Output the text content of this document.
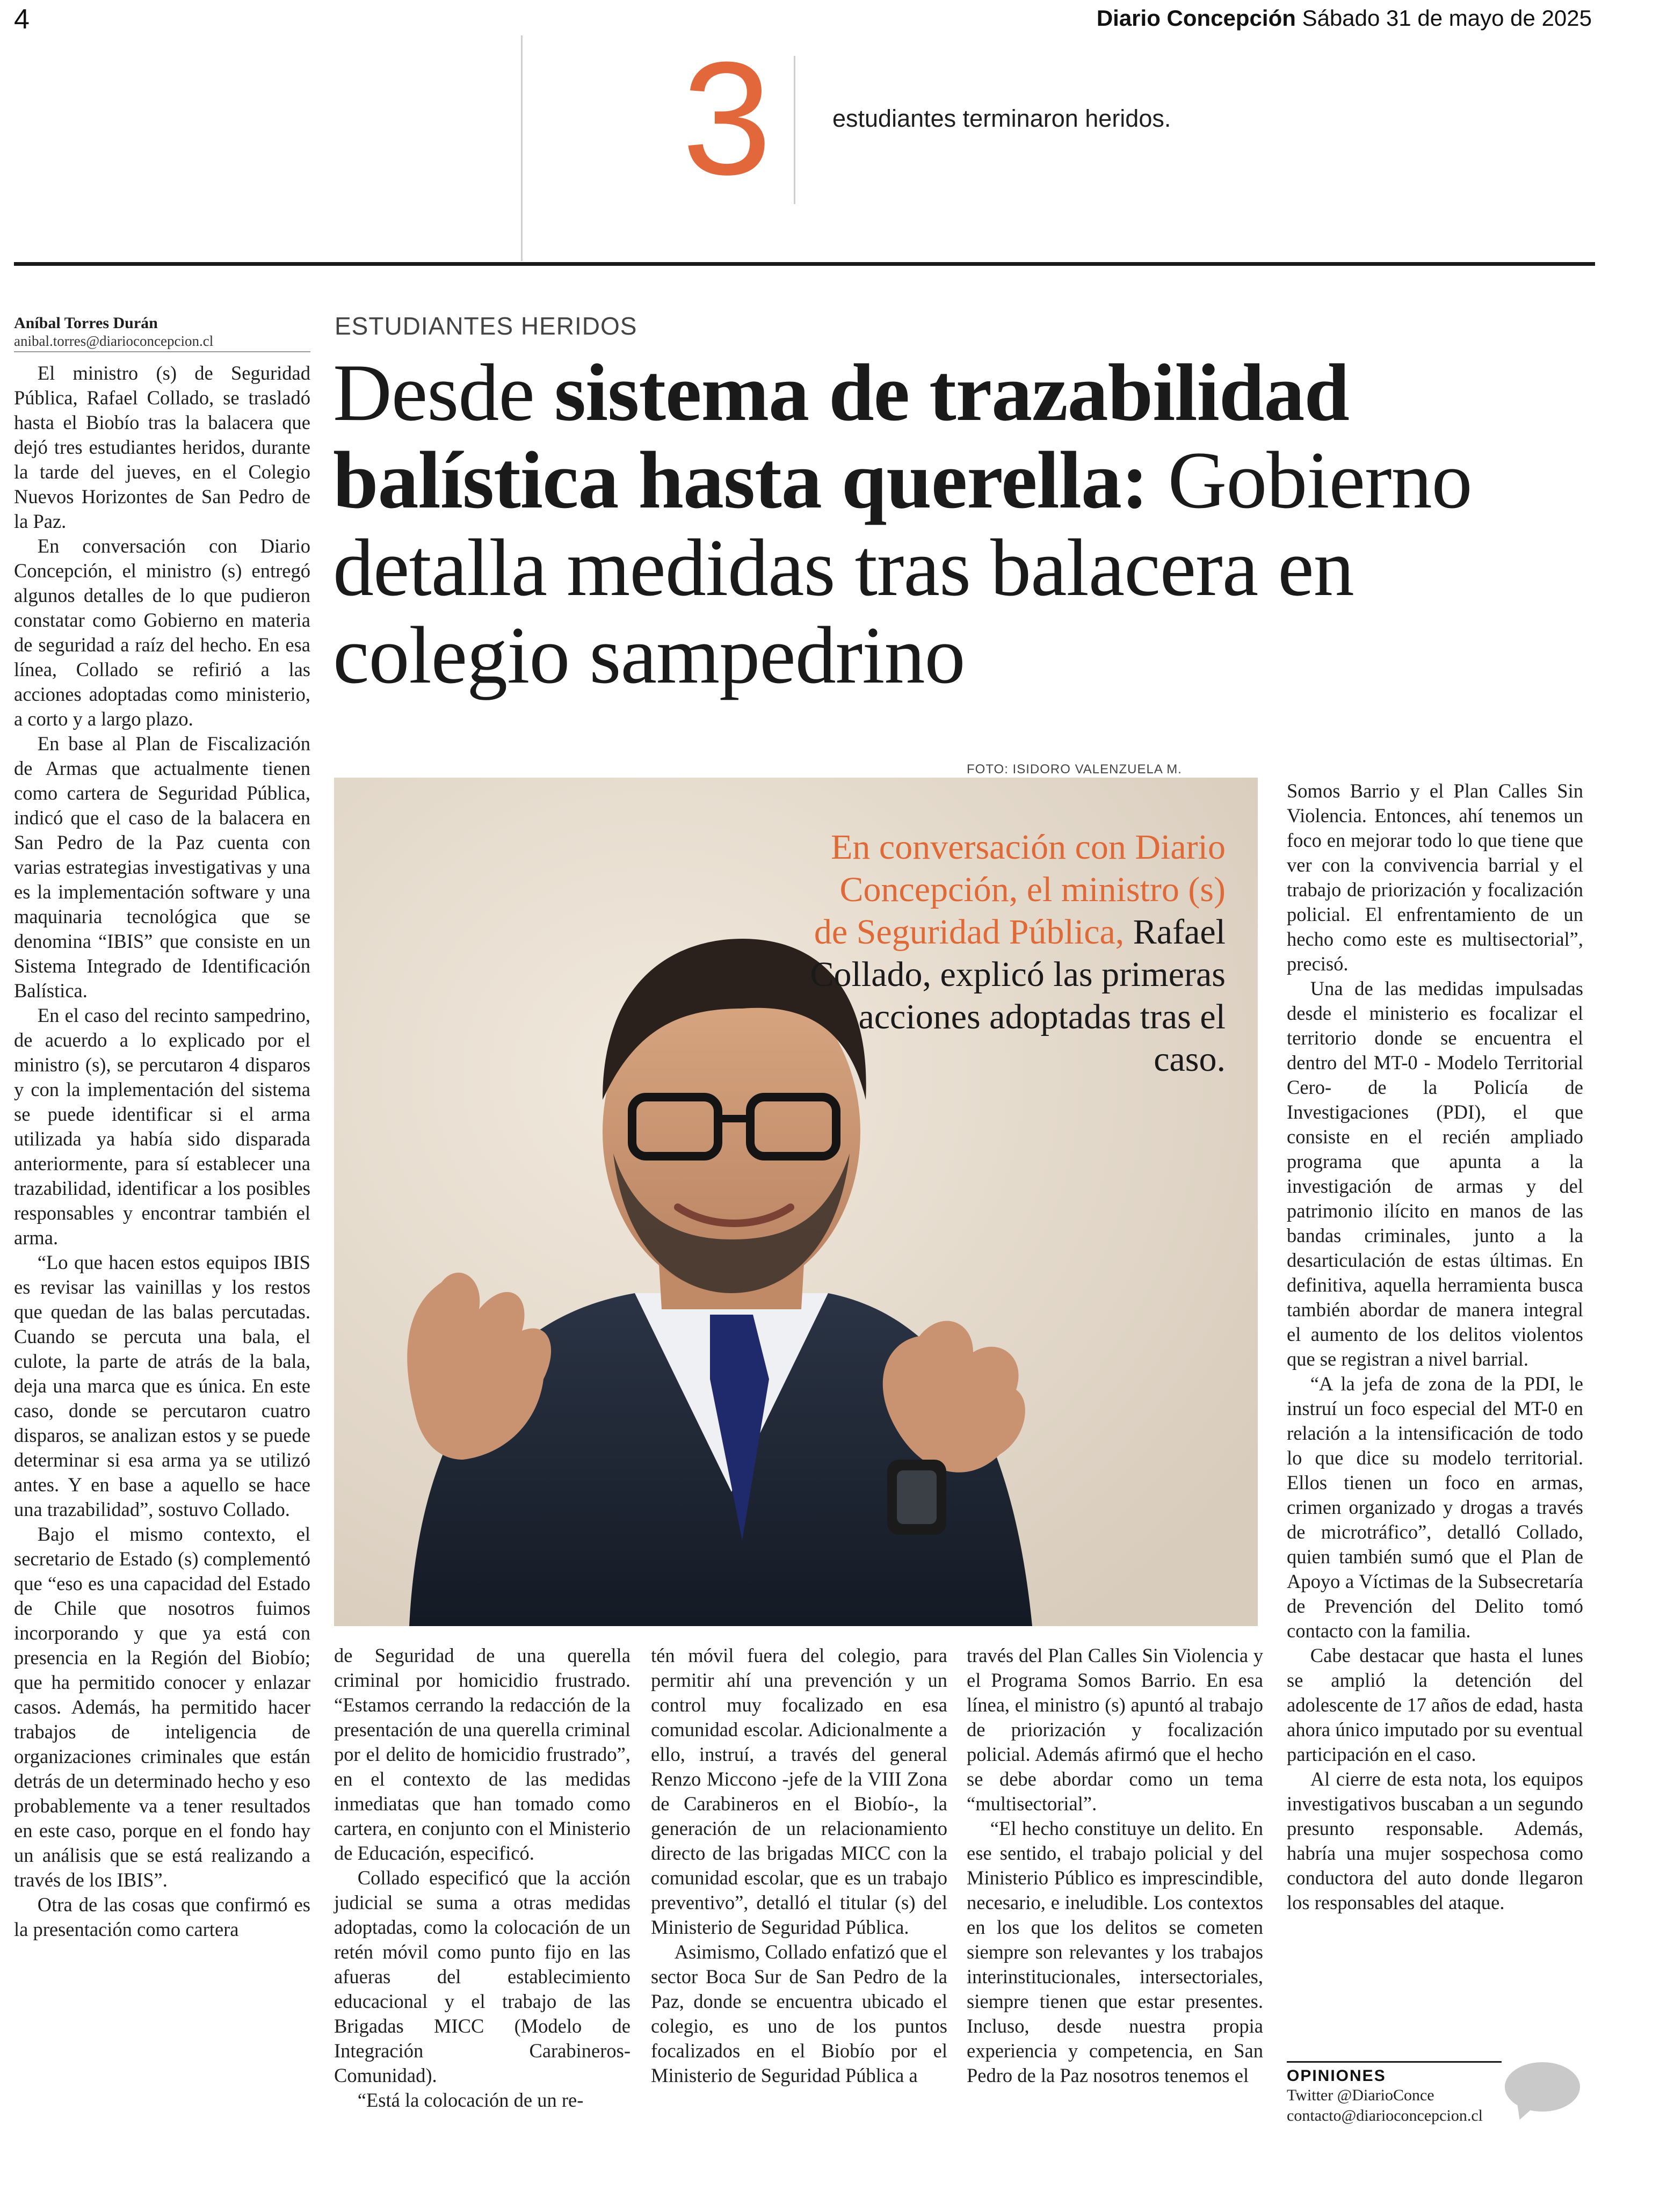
4	Diario Concepción Sábado 31 de mayo de 2025
3	estudiantes terminaron heridos.
Aníbal Torres Durán
anibal.torres@diarioconcepcion.cl
ESTUDIANTES HERIDOS
Desde sistema de trazabilidad balística hasta querella: Gobierno detalla medidas tras balacera en colegio sampedrino

El ministro (s) de Seguridad Pública, Rafael Collado, se trasladó hasta el Biobío tras la balacera que dejó tres estudiantes heridos, durante la tarde del jueves, en el Colegio Nuevos Horizontes de San Pedro de la Paz.

En conversación con Diario Concepción, el ministro (s) entregó algunos detalles de lo que pudieron constatar como Gobierno en materia de seguridad a raíz del hecho. En esa línea, Collado se refirió a las acciones adoptadas como ministerio, a corto y a largo plazo.

En base al Plan de Fiscalización de Armas que actualmente tienen como cartera de Seguridad Pública, indicó que el caso de la balacera en San Pedro de la Paz cuenta con varias estrategias investigativas y una es la implementación software y una maquinaria tecnológica que se denomina “IBIS” que consiste en un Sistema Integrado de Identificación Balística.

En el caso del recinto sampedrino, de acuerdo a lo explicado por el ministro (s), se percutaron 4 disparos y con la implementación del sistema se puede identificar si el arma utilizada ya había sido disparada anteriormente, para sí establecer una trazabilidad, identificar a los posibles responsables y encontrar también el arma.

“Lo que hacen estos equipos IBIS es revisar las vainillas y los restos que quedan de las balas percutadas. Cuando se percuta una bala, el culote, la parte de atrás de la bala, deja una marca que es única. En este caso, donde se percutaron cuatro disparos, se analizan estos y se puede determinar si esa arma ya se utilizó antes. Y en base a aquello se hace una trazabilidad”, sostuvo Collado.

Bajo el mismo contexto, el secretario de Estado (s) complementó que “eso es una capacidad del Estado de Chile que nosotros fuimos incorporando y que ya está con presencia en la Región del Biobío; que ha permitido conocer y enlazar casos. Además, ha permitido hacer trabajos de inteligencia de organizaciones criminales que están detrás de un determinado hecho y eso probablemente va a tener resultados en este caso, porque en el fondo hay un análisis que se está realizando a través de los IBIS”.

Otra de las cosas que confirmó es la presentación como cartera

FOTO: ISIDORO VALENZUELA M.
En conversación con Diario Concepción, el ministro (s) de Seguridad Pública, Rafael Collado, explicó las primeras acciones adoptadas tras el caso.

de Seguridad de una querella criminal por homicidio frustrado. “Estamos cerrando la redacción de la presentación de una querella criminal por el delito de homicidio frustrado”, en el contexto de las medidas inmediatas que han tomado como cartera, en conjunto con el Ministerio de Educación, especificó.

Collado especificó que la acción judicial se suma a otras medidas adoptadas, como la colocación de un retén móvil como punto fijo en las afueras del establecimiento educacional y el trabajo de las Brigadas MICC (Modelo de Integración Carabineros- Comunidad).

“Está la colocación de un re-

tén móvil fuera del colegio, para permitir ahí una prevención y un control muy focalizado en esa comunidad escolar. Adicionalmente a ello, instruí, a través del general Renzo Miccono -jefe de la VIII Zona de Carabineros en el Biobío-, la generación de un relacionamiento directo de las brigadas MICC con la comunidad escolar, que es un trabajo preventivo”, detalló el titular (s) del Ministerio de Seguridad Pública.

Asimismo, Collado enfatizó que el sector Boca Sur de San Pedro de la Paz, donde se encuentra ubicado el colegio, es uno de los puntos focalizados en el Biobío por el Ministerio de Seguridad Pública a

través del Plan Calles Sin Violencia y el Programa Somos Barrio. En esa línea, el ministro (s) apuntó al trabajo de priorización y focalización policial. Además afirmó que el hecho se debe abordar como un tema “multisectorial”.

“El hecho constituye un delito. En ese sentido, el trabajo policial y del Ministerio Público es imprescindible, necesario, e ineludible. Los contextos en los que los delitos se cometen siempre son relevantes y los trabajos interinstitucionales, intersectoriales, siempre tienen que estar presentes. Incluso, desde nuestra propia experiencia y competencia, en San Pedro de la Paz nosotros tenemos el

Somos Barrio y el Plan Calles Sin Violencia. Entonces, ahí tenemos un foco en mejorar todo lo que tiene que ver con la convivencia barrial y el trabajo de priorización y focalización policial. El enfrentamiento de un hecho como este es multisectorial”, precisó.

Una de las medidas impulsadas desde el ministerio es focalizar el territorio donde se encuentra el dentro del MT-0 - Modelo Territorial Cero- de la Policía de Investigaciones (PDI), el que consiste en el recién ampliado programa que apunta a la investigación de armas y del patrimonio ilícito en manos de las bandas criminales, junto a la desarticulación de estas últimas. En definitiva, aquella herramienta busca también abordar de manera integral el aumento de los delitos violentos que se registran a nivel barrial.

“A la jefa de zona de la PDI, le instruí un foco especial del MT-0 en relación a la intensificación de todo lo que dice su modelo territorial. Ellos tienen un foco en armas, crimen organizado y drogas a través de microtráfico”, detalló Collado, quien también sumó que el Plan de Apoyo a Víctimas de la Subsecretaría de Prevención del Delito tomó contacto con la familia.

Cabe destacar que hasta el lunes se amplió la detención del adolescente de 17 años de edad, hasta ahora único imputado por su eventual participación en el caso.

Al cierre de esta nota, los equipos investigativos buscaban a un segundo presunto responsable. Además, habría una mujer sospechosa como conductora del auto donde llegaron los responsables del ataque.

OPINIONES
Twitter @DiarioConce
contacto@diarioconcepcion.cl
